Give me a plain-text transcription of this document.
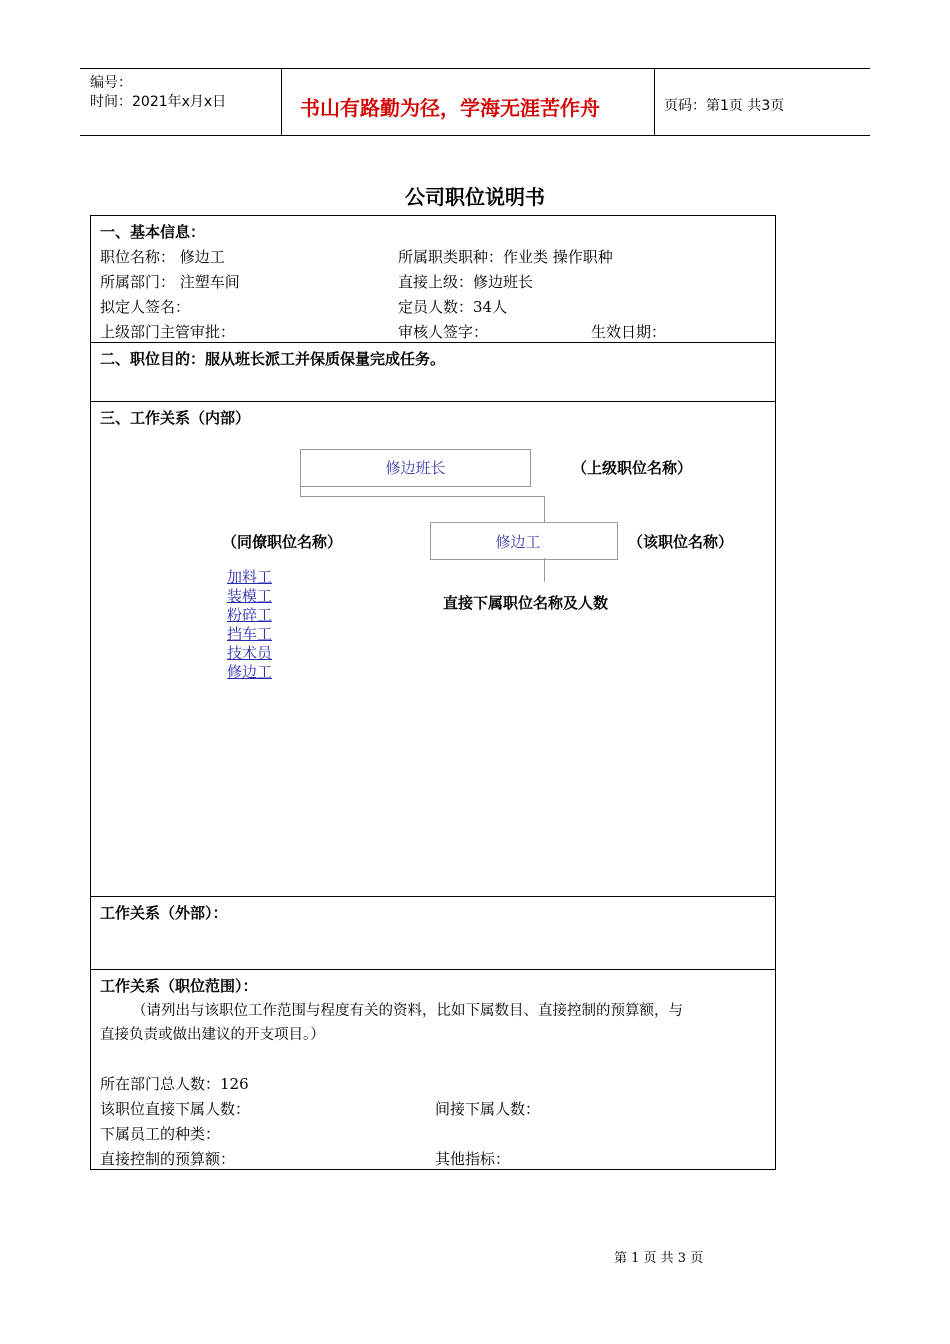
编号：
时间：2021年x月x日	书山有路勤为径，学海无涯苦作舟	页码：第1页 共3页
公司职位说明书
一、基本信息：
职位名称： 修边工	所属职类职种：作业类 操作职种
所属部门： 注塑车间	直接上级：修边班长
拟定人签名：	定员人数：34人
上级部门主管审批：	审核人签字：	生效日期：
二、职位目的：服从班长派工并保质保量完成任务。
三、工作关系（内部）
修边班长	（上级职位名称）
（同僚职位名称）	修边工	（该职位名称）
直接下属职位名称及人数
加料工
装模工
粉碎工
挡车工
技术员
修边工
工作关系（外部）：
工作关系（职位范围）：
（请列出与该职位工作范围与程度有关的资料，比如下属数目、直接控制的预算额，与
直接负责或做出建议的开支项目。）
所在部门总人数：126
该职位直接下属人数：	间接下属人数：
下属员工的种类：
直接控制的预算额：	其他指标：
第 1 页 共 3 页
